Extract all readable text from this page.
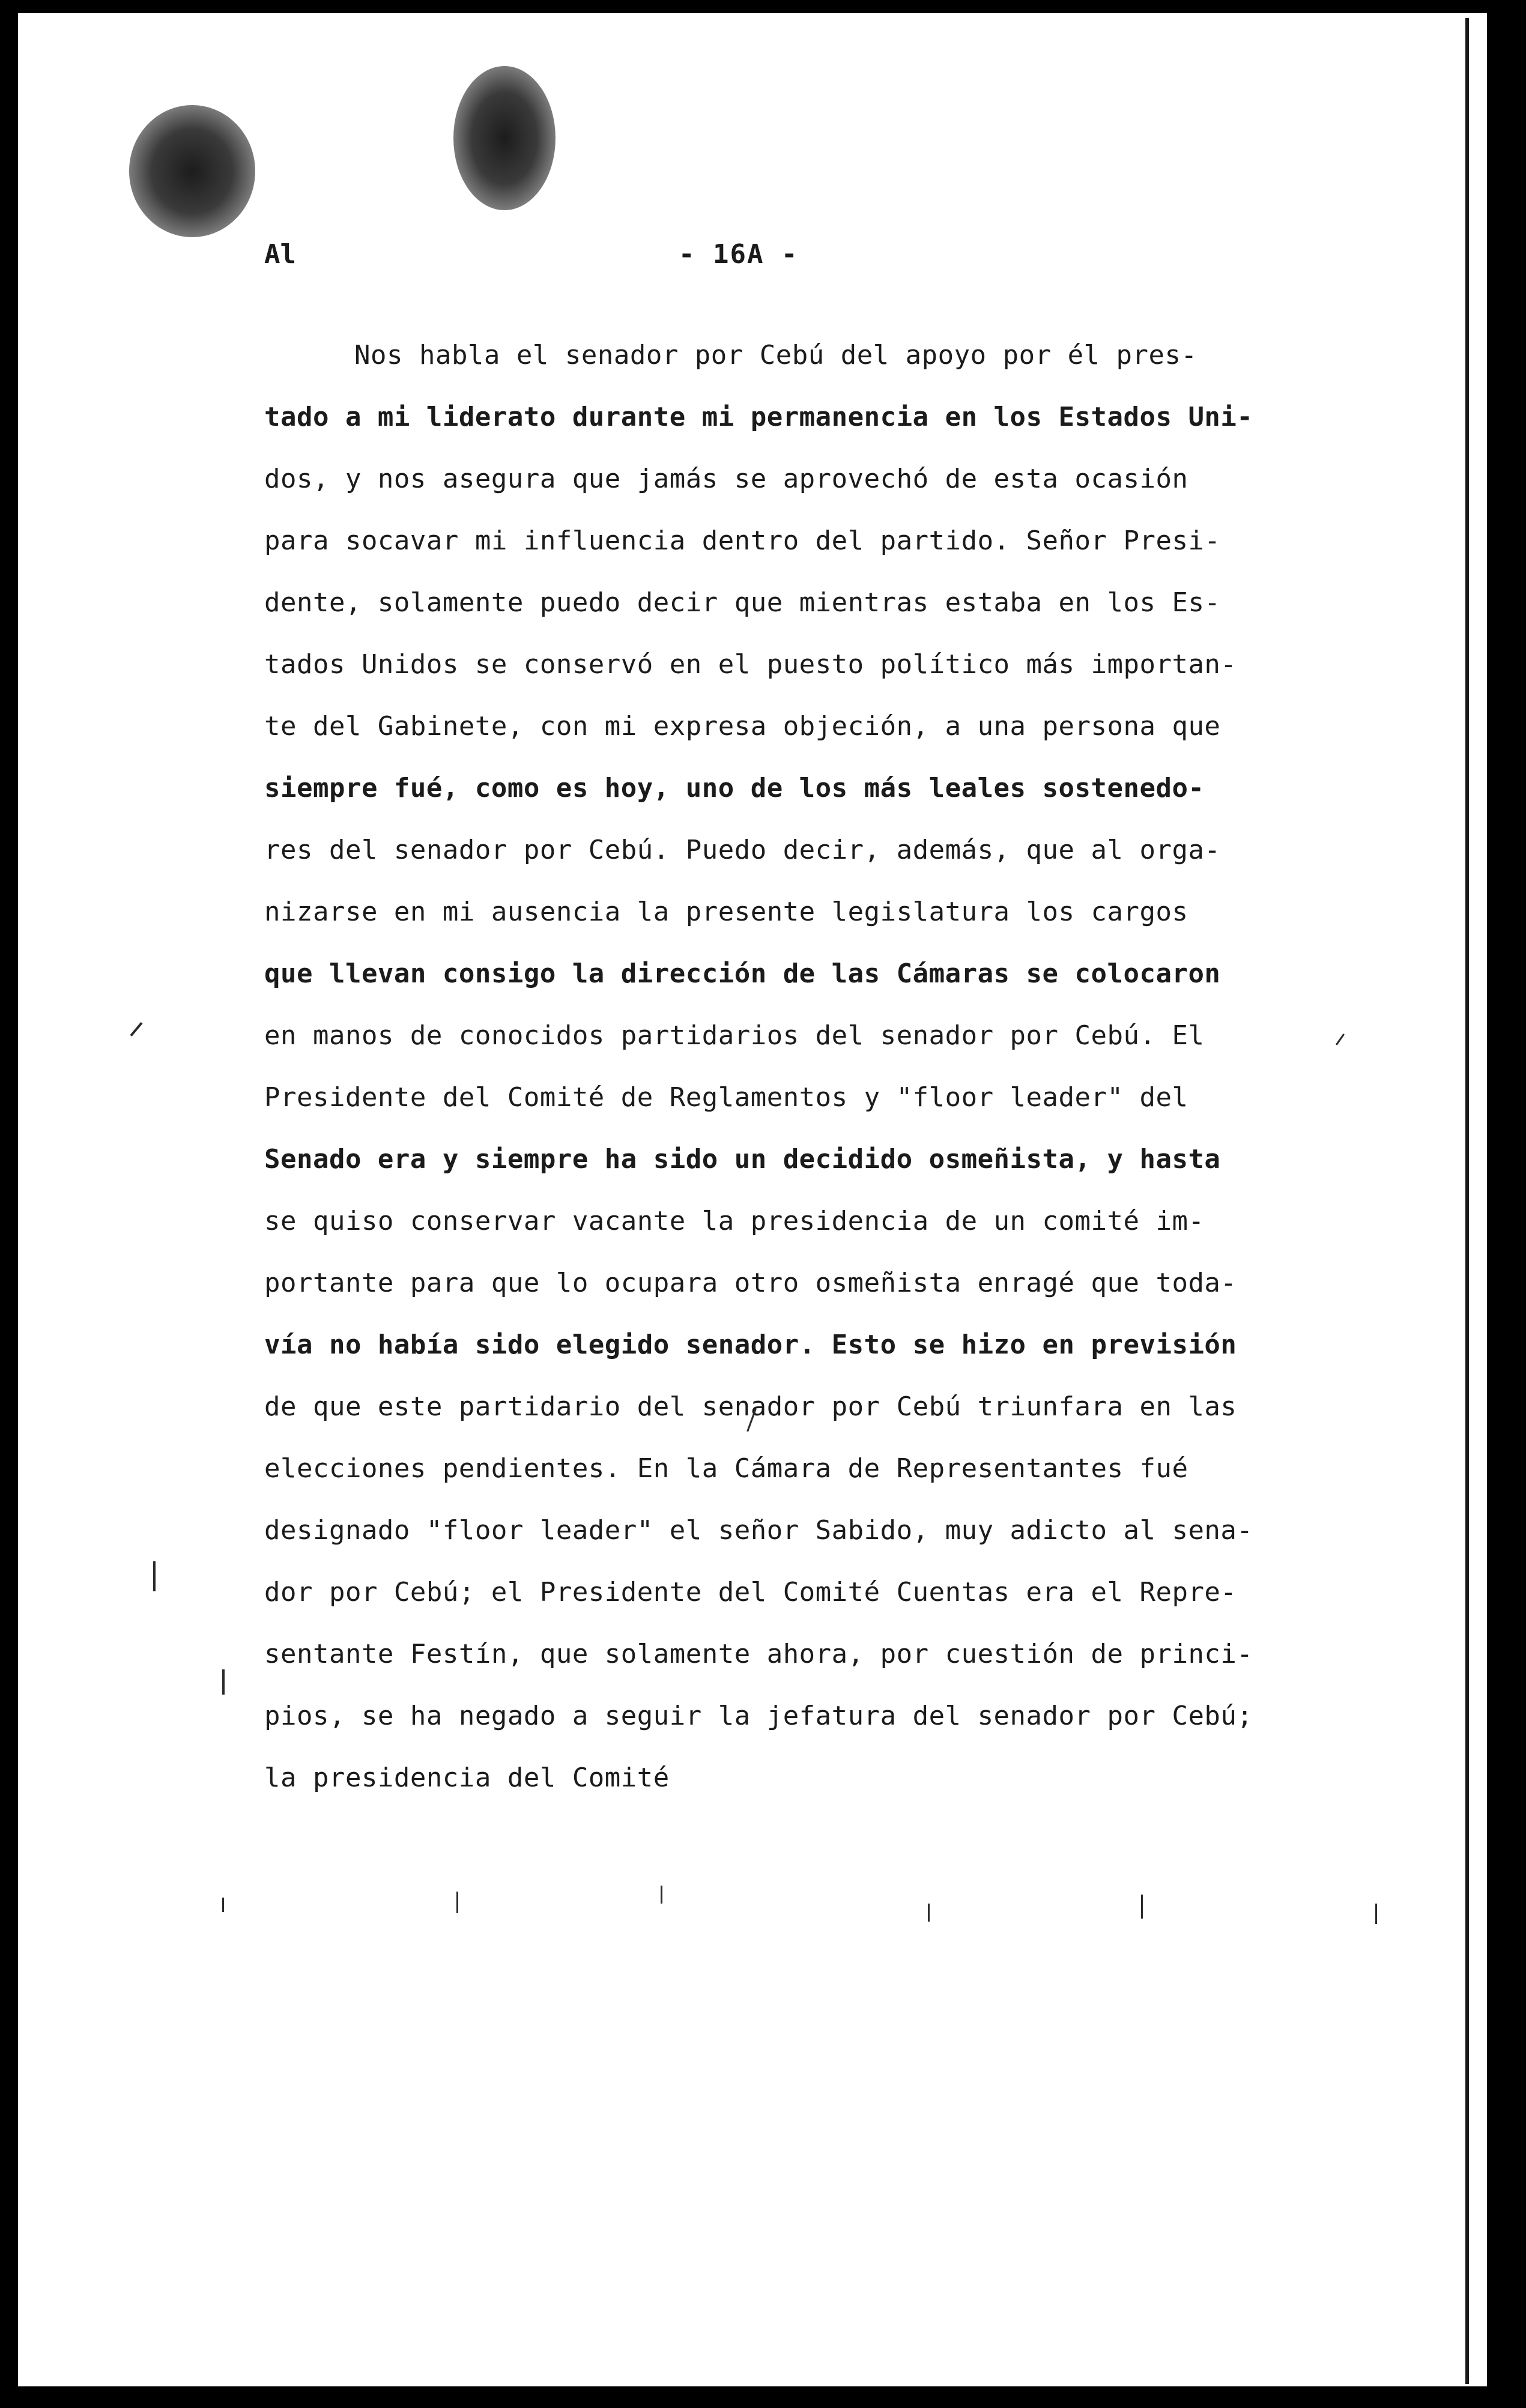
Al	- 16A -
Nos habla el senador por Cebú del apoyo por él pres-
tado a mi liderato durante mi permanencia en los Estados Uni-
dos, y nos asegura que jamás se aprovechó de esta ocasión
para socavar mi influencia dentro del partido. Señor Presi-
dente, solamente puedo decir que mientras estaba en los Es-
tados Unidos se conservó en el puesto político más importan-
te del Gabinete, con mi expresa objeción, a una persona que
siempre fué, como es hoy, uno de los más leales sostenedo-
res del senador por Cebú. Puedo decir, además, que al orga-
nizarse en mi ausencia la presente legislatura los cargos
que llevan consigo la dirección de las Cámaras se colocaron
en manos de conocidos partidarios del senador por Cebú. El
Presidente del Comité de Reglamentos y "floor leader" del
Senado era y siempre ha sido un decidido osmeñista, y hasta
se quiso conservar vacante la presidencia de un comité im-
portante para que lo ocupara otro osmeñista enragé que toda-
vía no había sido elegido senador. Esto se hizo en previsión
de que este partidario del senador por Cebú triunfara en las
elecciones pendientes. En la Cámara de Representantes fué
designado "floor leader" el señor Sabido, muy adicto al sena-
dor por Cebú; el Presidente del Comité Cuentas era el Repre-
sentante Festín, que solamente ahora, por cuestión de princi-
pios, se ha negado a seguir la jefatura del senador por Cebú;
la presidencia del Comité
